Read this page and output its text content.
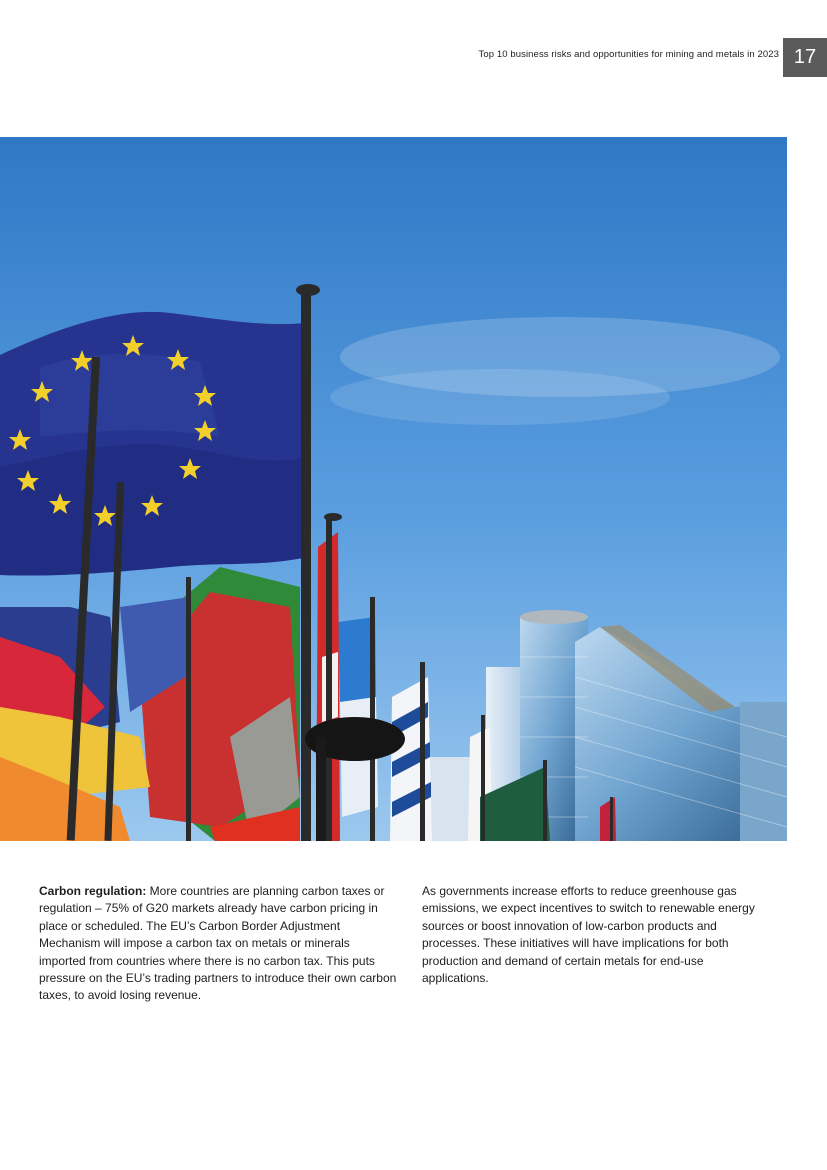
Top 10 business risks and opportunities for mining and metals in 2023 17
Carbon regulation: More countries are planning carbon taxes or regulation – 75% of G20 markets already have carbon pricing in place or scheduled. The EU’s Carbon Border Adjustment Mechanism will impose a carbon tax on metals or minerals imported from countries where there is no carbon tax. This puts pressure on the EU’s trading partners to introduce their own carbon taxes, to avoid losing revenue.
As governments increase efforts to reduce greenhouse gas emissions, we expect incentives to switch to renewable energy sources or boost innovation of low-carbon products and processes. These initiatives will have implications for both production and demand of certain metals for end-use applications.
